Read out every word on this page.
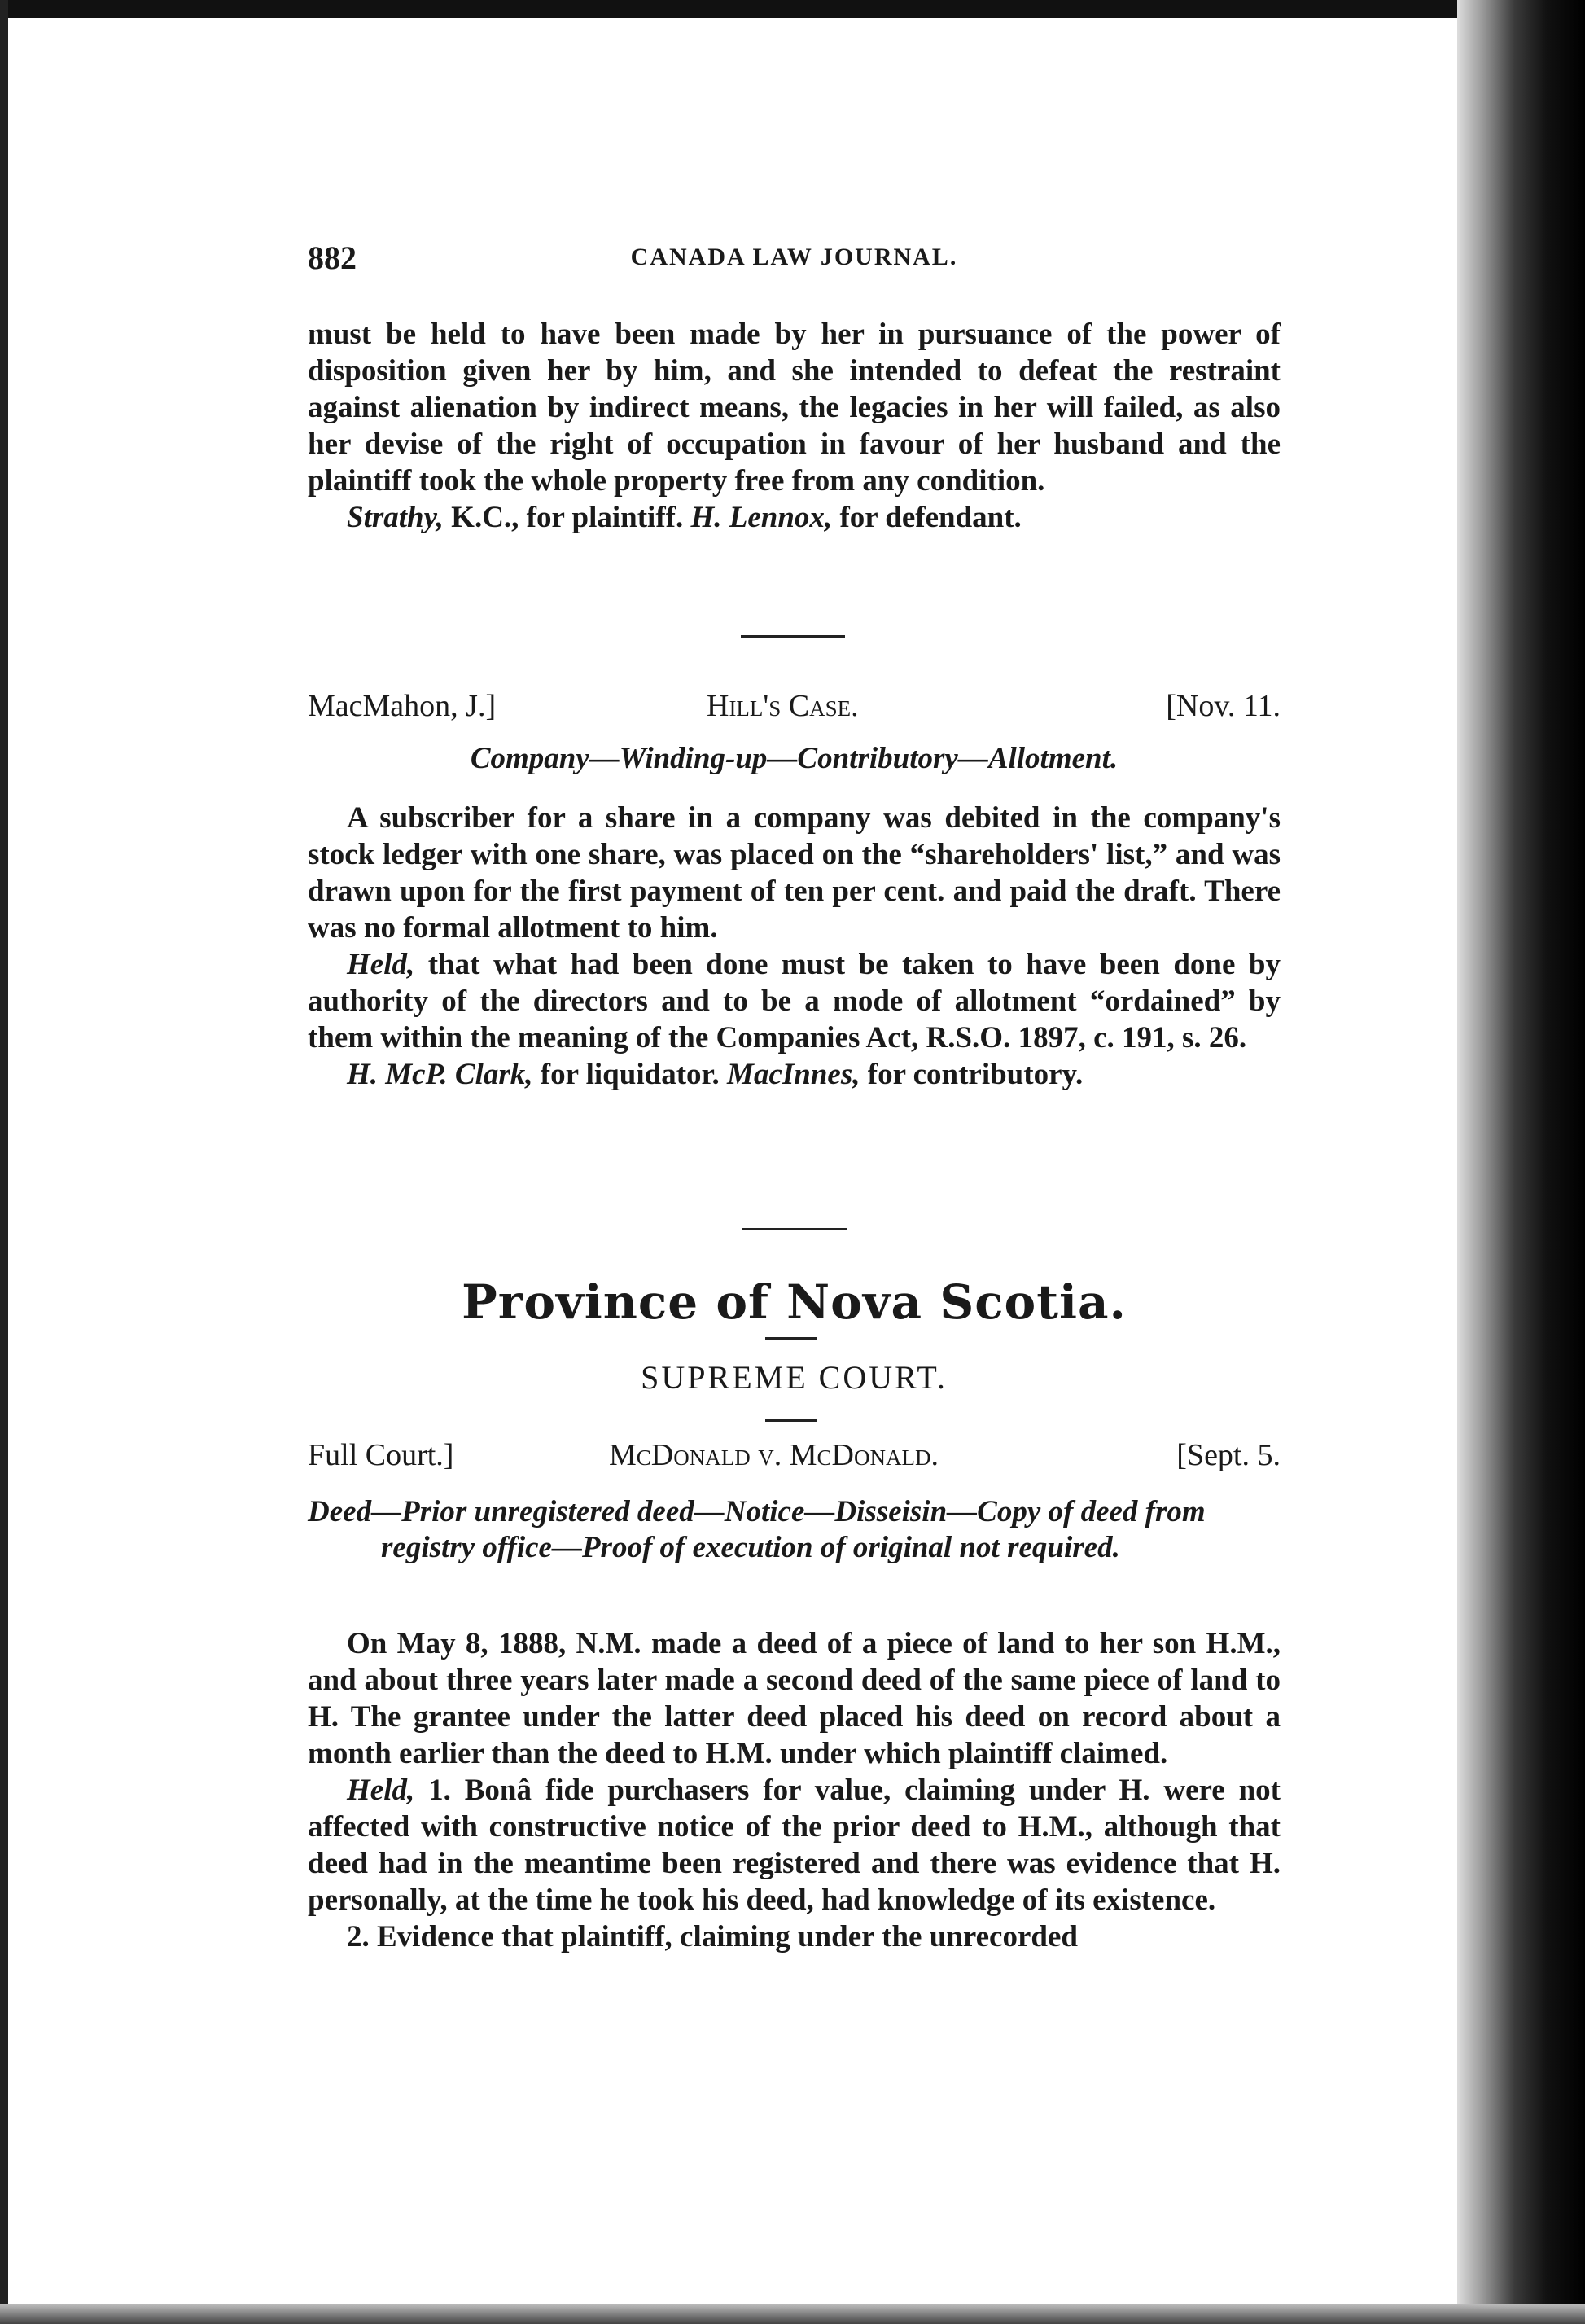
882	CANADA LAW JOURNAL.

must be held to have been made by her in pursuance of the power of disposition given her by him, and she intended to defeat the restraint against alienation by indirect means, the legacies in her will failed, as also her devise of the right of occupation in favour of her husband and the plaintiff took the whole property free from any condition.

Strathy, K.C., for plaintiff. H. Lennox, for defendant.

MacMahon, J.]	Hill's Case.	[Nov. 11.
Company—Winding-up—Contributory—Allotment.

A subscriber for a share in a company was debited in the company's stock ledger with one share, was placed on the “shareholders' list,” and was drawn upon for the first payment of ten per cent. and paid the draft. There was no formal allotment to him.

Held, that what had been done must be taken to have been done by authority of the directors and to be a mode of allotment “ordained” by them within the meaning of the Companies Act, R.S.O. 1897, c. 191, s. 26.

H. McP. Clark, for liquidator. MacInnes, for contributory.

Province of Nova Scotia.
SUPREME COURT.
Full Court.]	McDonald v. McDonald.	[Sept. 5.
Deed—Prior unregistered deed—Notice—Disseisin—Copy of deed from registry office—Proof of execution of original not required.

On May 8, 1888, N.M. made a deed of a piece of land to her son H.M., and about three years later made a second deed of the same piece of land to H. The grantee under the latter deed placed his deed on record about a month earlier than the deed to H.M. under which plaintiff claimed.

Held, 1. Bonâ fide purchasers for value, claiming under H. were not affected with constructive notice of the prior deed to H.M., although that deed had in the meantime been registered and there was evidence that H. personally, at the time he took his deed, had knowledge of its existence.

2. Evidence that plaintiff, claiming under the unrecorded
